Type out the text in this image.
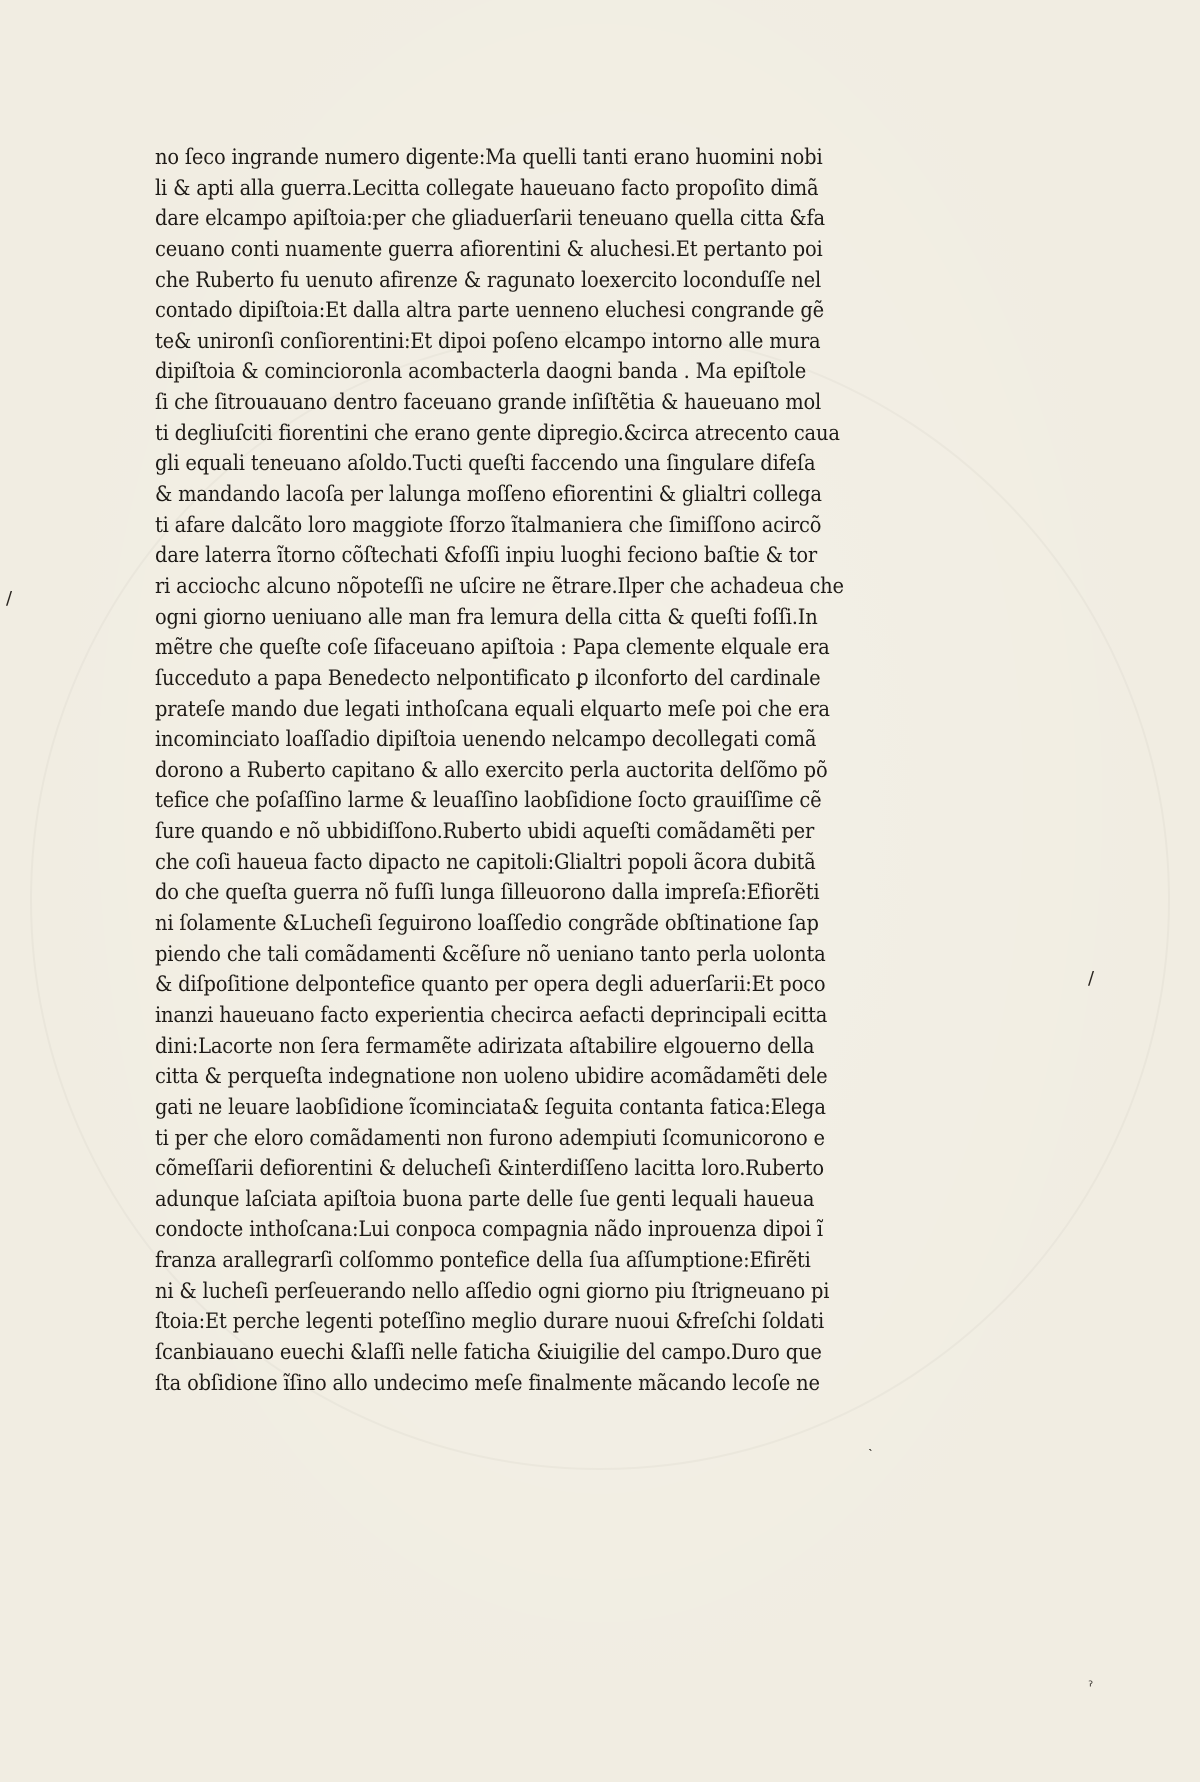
no ſeco ingrande numero digente:Ma quelli tanti erano huomini nobi
li & apti alla guerra.Lecitta collegate haueuano facto propoſito dimã
dare elcampo apiſtoia:per che gliaduerſarii teneuano quella citta &fa
ceuano conti nuamente guerra afiorentini & aluchesi.Et pertanto poi
che Ruberto fu uenuto afirenze & ragunato loexercito loconduſſe nel
contado dipiſtoia:Et dalla altra parte uenneno eluchesi congrande gẽ
te& unironſi conſiorentini:Et dipoi poſeno elcampo intorno alle mura
dipiſtoia & comincioronla acombacterla daogni banda . Ma epiſtole
ſi che ſitrouauano dentro faceuano grande inſiſtẽtia & haueuano mol
ti degliuſciti fiorentini che erano gente dipregio.&circa atrecento caua
gli equali teneuano aſoldo.Tucti queſti faccendo una ſingulare difeſa
& mandando lacoſa per lalunga moſſeno efiorentini & glialtri collega
ti afare dalcãto loro maggiote ſforzo ĩtalmaniera che ſimiſſono acircõ
dare laterra ĩtorno cõſtechati &foſſi inpiu luoghi feciono baſtie & tor
ri acciochc alcuno nõpoteſſi ne uſcire ne ẽtrare.Ilper che achadeua che
ogni giorno ueniuano alle man fra lemura della citta & queſti foſſi.In
mẽtre che queſte coſe ſifaceuano apiſtoia : Papa clemente elquale era
ſucceduto a papa Benedecto nelpontificato ꝑ ilconforto del cardinale
prateſe mando due legati inthoſcana equali elquarto meſe poi che era
incominciato loaſſadio dipiſtoia uenendo nelcampo decollegati comã
dorono a Ruberto capitano & allo exercito perla auctorita delſõmo põ
tefice che poſaſſino larme & leuaſſino laobſidione ſocto grauiſſime cẽ
ſure quando e nõ ubbidiſſono.Ruberto ubidi aqueſti comãdamẽti per
che coſi haueua facto dipacto ne capitoli:Glialtri popoli ãcora dubitã
do che queſta guerra nõ fuſſi lunga ſilleuorono dalla impreſa:Efiorẽti
ni ſolamente &Lucheſi ſeguirono loaſſedio congrãde obſtinatione ſap
piendo che tali comãdamenti &cẽſure nõ ueniano tanto perla uolonta
& diſpoſitione delpontefice quanto per opera degli aduerſarii:Et poco
inanzi haueuano facto experientia checirca aefacti deprincipali ecitta
dini:Lacorte non ſera fermamẽte adirizata aſtabilire elgouerno della
citta & perqueſta indegnatione non uoleno ubidire acomãdamẽti dele
gati ne leuare laobſidione ĩcominciata& ſeguita contanta fatica:Elega
ti per che eloro comãdamenti non furono adempiuti ſcomunicorono e
cõmeſſarii defiorentini & delucheſi &interdiſſeno lacitta loro.Ruberto
adunque laſciata apiſtoia buona parte delle ſue genti lequali haueua
condocte inthoſcana:Lui conpoca compagnia nãdo inprouenza dipoi ĩ
franza arallegrarſi colſommo pontefice della ſua aſſumptione:Efirẽti
ni & lucheſi perſeuerando nello aſſedio ogni giorno piu ſtrigneuano pi
ſtoia:Et perche legenti poteſſino meglio durare nuoui &freſchi ſoldati
ſcanbiauano euechi &laſſi nelle faticha &iuigilie del campo.Duro que
ſta obſidione ĩſino allo undecimo meſe finalmente mãcando lecoſe ne
/
/
˴
ˀ
